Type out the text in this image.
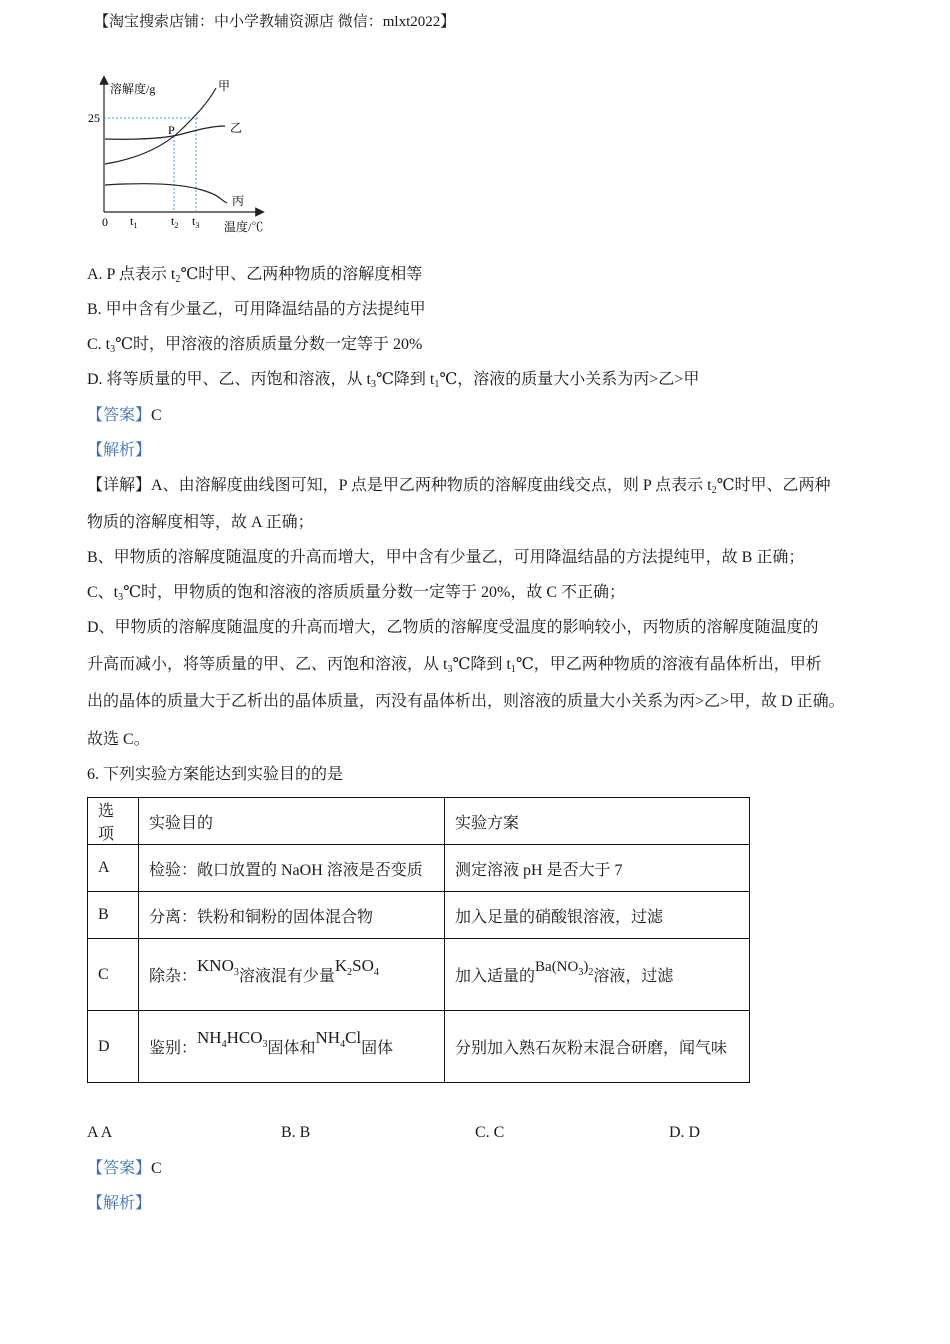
【淘宝搜索店铺：中小学教辅资源店 微信：mlxt2022】
溶解度/g
25
0
P
甲
乙
丙
$t_1$	$t_2$ $t_3$ 温度/℃
A. P 点表示 $t_2℃$时甲、乙两种物质的溶解度相等
B. 甲中含有少量乙，可用降温结晶的方法提纯甲
C. $t_3℃$时，甲溶液的溶质质量分数一定等于 20%
D. 将等质量的甲、乙、丙饱和溶液，从 $t_3℃$降到 $t_1℃$，溶液的质量大小关系为丙>乙>甲
【答案】C
【解析】
【详解】A、由溶解度曲线图可知，P 点是甲乙两种物质的溶解度曲线交点，则 P 点表示 $t_2℃$时甲、乙两种
物质的溶解度相等，故 A 正确；
B、甲物质的溶解度随温度的升高而增大，甲中含有少量乙，可用降温结晶的方法提纯甲，故 B 正确；
C、$t_3℃$时，甲物质的饱和溶液的溶质质量分数一定等于 20%，故 C 不正确；
D、甲物质的溶解度随温度的升高而增大，乙物质的溶解度受温度的影响较小，丙物质的溶解度随温度的
升高而减小，将等质量的甲、乙、丙饱和溶液，从 $t_3℃$降到 $t_1℃$，甲乙两种物质的溶液有晶体析出，甲析
出的晶体的质量大于乙析出的晶体质量，丙没有晶体析出，则溶液的质量大小关系为丙>乙>甲，故 D 正确。
故选 C。
6. 下列实验方案能达到实验目的的是
选项	实验目的	实验方案
A	检验：敞口放置的 NaOH 溶液是否变质	测定溶液 pH 是否大于 7
B	分离：铁粉和铜粉的固体混合物	加入足量的硝酸银溶液，过滤
C	除杂：$KNO_3$溶液混有少量$K_2SO_4$	加入适量的$Ba(NO_3)_2$溶液，过滤
D	鉴别：$NH_4HCO_3$固体和$NH_4Cl$固体	分别加入熟石灰粉末混合研磨，闻气味
A A	B. B	C. C	D. D
【答案】C
【解析】
